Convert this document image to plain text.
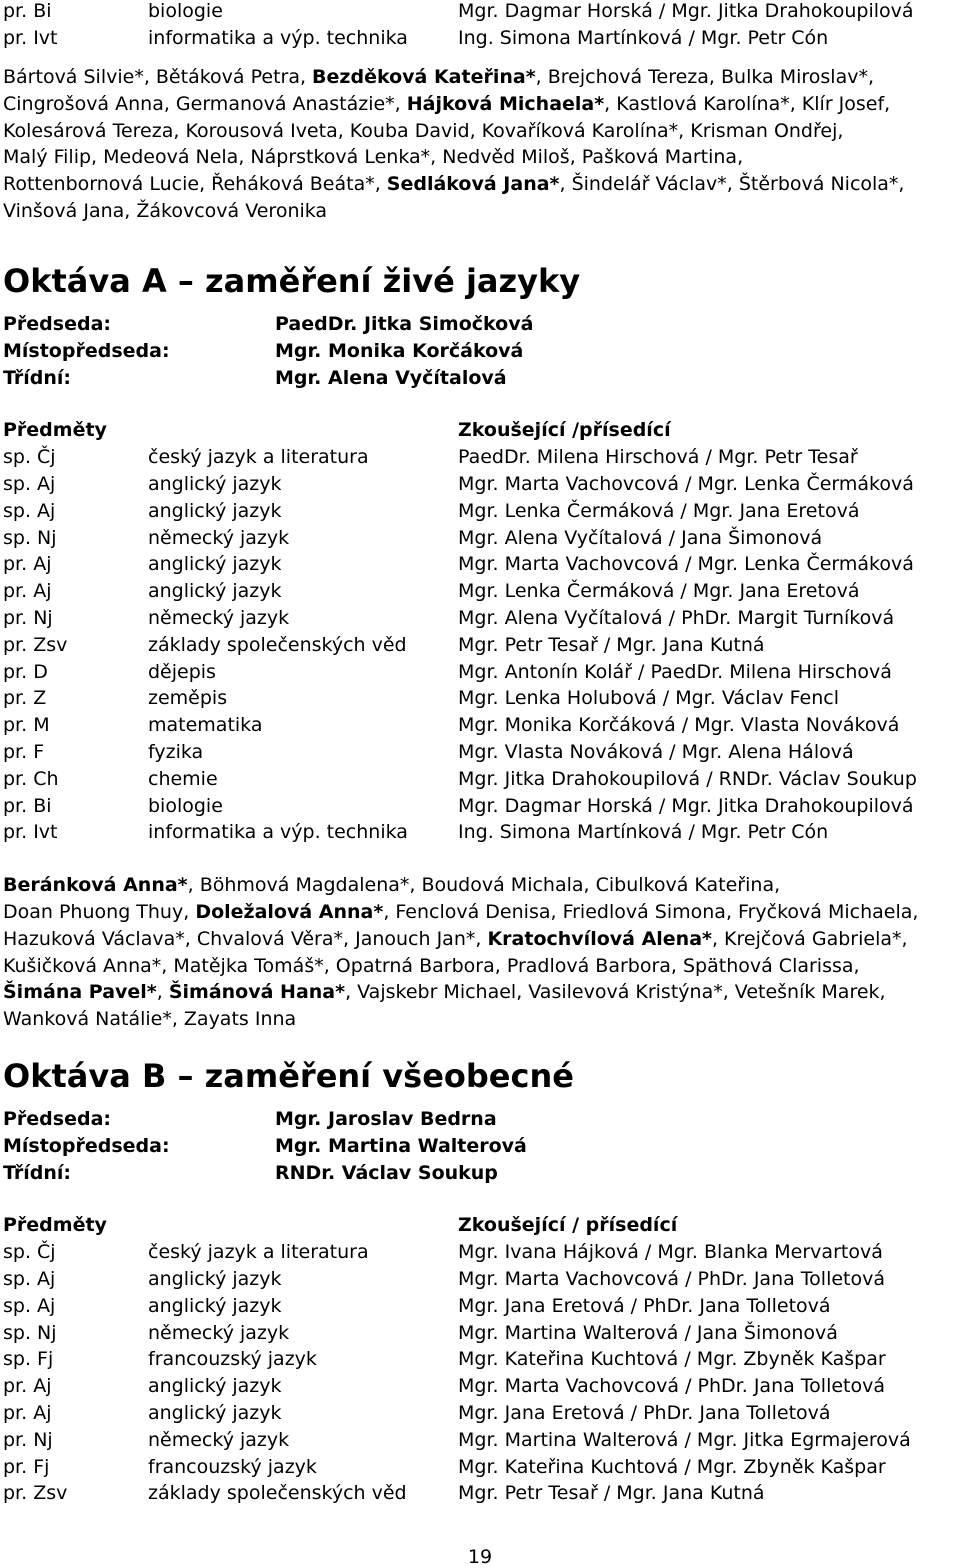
pr. Bi	biologie	Mgr. Dagmar Horská / Mgr. Jitka Drahokoupilová
pr. Ivt	informatika a výp. technika	Ing. Simona Martínková / Mgr. Petr Cón
Bártová Silvie*, Bětáková Petra, Bezděková Kateřina*, Brejchová Tereza, Bulka Miroslav*,
Cingrošová Anna, Germanová Anastázie*, Hájková Michaela*, Kastlová Karolína*, Klír Josef,
Kolesárová Tereza, Korousová Iveta, Kouba David, Kovaříková Karolína*, Krisman Ondřej,
Malý Filip, Medeová Nela, Náprstková Lenka*, Nedvěd Miloš, Pašková Martina,
Rottenbornová Lucie, Řeháková Beáta*, Sedláková Jana*, Šindelář Václav*, Štěrbová Nicola*,
Vinšová Jana, Žákovcová Veronika
Oktáva A – zaměření živé jazyky
Předseda:	PaedDr. Jitka Simočková
Místopředseda:	Mgr. Monika Korčáková
Třídní:	Mgr. Alena Vyčítalová
Předměty	Zkoušející /přísedící
sp. Čj	český jazyk a literatura	PaedDr. Milena Hirschová / Mgr. Petr Tesař
sp. Aj	anglický jazyk	Mgr. Marta Vachovcová / Mgr. Lenka Čermáková
sp. Aj	anglický jazyk	Mgr. Lenka Čermáková / Mgr. Jana Eretová
sp. Nj	německý jazyk	Mgr. Alena Vyčítalová / Jana Šimonová
pr. Aj	anglický jazyk	Mgr. Marta Vachovcová / Mgr. Lenka Čermáková
pr. Aj	anglický jazyk	Mgr. Lenka Čermáková / Mgr. Jana Eretová
pr. Nj	německý jazyk	Mgr. Alena Vyčítalová / PhDr. Margit Turníková
pr. Zsv	základy společenských věd	Mgr. Petr Tesař / Mgr. Jana Kutná
pr. D	dějepis	Mgr. Antonín Kolář / PaedDr. Milena Hirschová
pr. Z	zeměpis	Mgr. Lenka Holubová / Mgr. Václav Fencl
pr. M	matematika	Mgr. Monika Korčáková / Mgr. Vlasta Nováková
pr. F	fyzika	Mgr. Vlasta Nováková / Mgr. Alena Hálová
pr. Ch	chemie	Mgr. Jitka Drahokoupilová / RNDr. Václav Soukup
pr. Bi	biologie	Mgr. Dagmar Horská / Mgr. Jitka Drahokoupilová
pr. Ivt	informatika a výp. technika	Ing. Simona Martínková / Mgr. Petr Cón
Beránková Anna*, Böhmová Magdalena*, Boudová Michala, Cibulková Kateřina,
Doan Phuong Thuy, Doležalová Anna*, Fenclová Denisa, Friedlová Simona, Fryčková Michaela,
Hazuková Václava*, Chvalová Věra*, Janouch Jan*, Kratochvílová Alena*, Krejčová Gabriela*,
Kušičková Anna*, Matějka Tomáš*, Opatrná Barbora, Pradlová Barbora, Späthová Clarissa,
Šimána Pavel*, Šimánová Hana*, Vajskebr Michael, Vasilevová Kristýna*, Vetešník Marek,
Wanková Natálie*, Zayats Inna
Oktáva B – zaměření všeobecné
Předseda:	Mgr. Jaroslav Bedrna
Místopředseda:	Mgr. Martina Walterová
Třídní:	RNDr. Václav Soukup
Předměty	Zkoušející / přísedící
sp. Čj	český jazyk a literatura	Mgr. Ivana Hájková / Mgr. Blanka Mervartová
sp. Aj	anglický jazyk	Mgr. Marta Vachovcová / PhDr. Jana Tolletová
sp. Aj	anglický jazyk	Mgr. Jana Eretová / PhDr. Jana Tolletová
sp. Nj	německý jazyk	Mgr. Martina Walterová / Jana Šimonová
sp. Fj	francouzský jazyk	Mgr. Kateřina Kuchtová / Mgr. Zbyněk Kašpar
pr. Aj	anglický jazyk	Mgr. Marta Vachovcová / PhDr. Jana Tolletová
pr. Aj	anglický jazyk	Mgr. Jana Eretová / PhDr. Jana Tolletová
pr. Nj	německý jazyk	Mgr. Martina Walterová / Mgr. Jitka Egrmajerová
pr. Fj	francouzský jazyk	Mgr. Kateřina Kuchtová / Mgr. Zbyněk Kašpar
pr. Zsv	základy společenských věd	Mgr. Petr Tesař / Mgr. Jana Kutná
19
